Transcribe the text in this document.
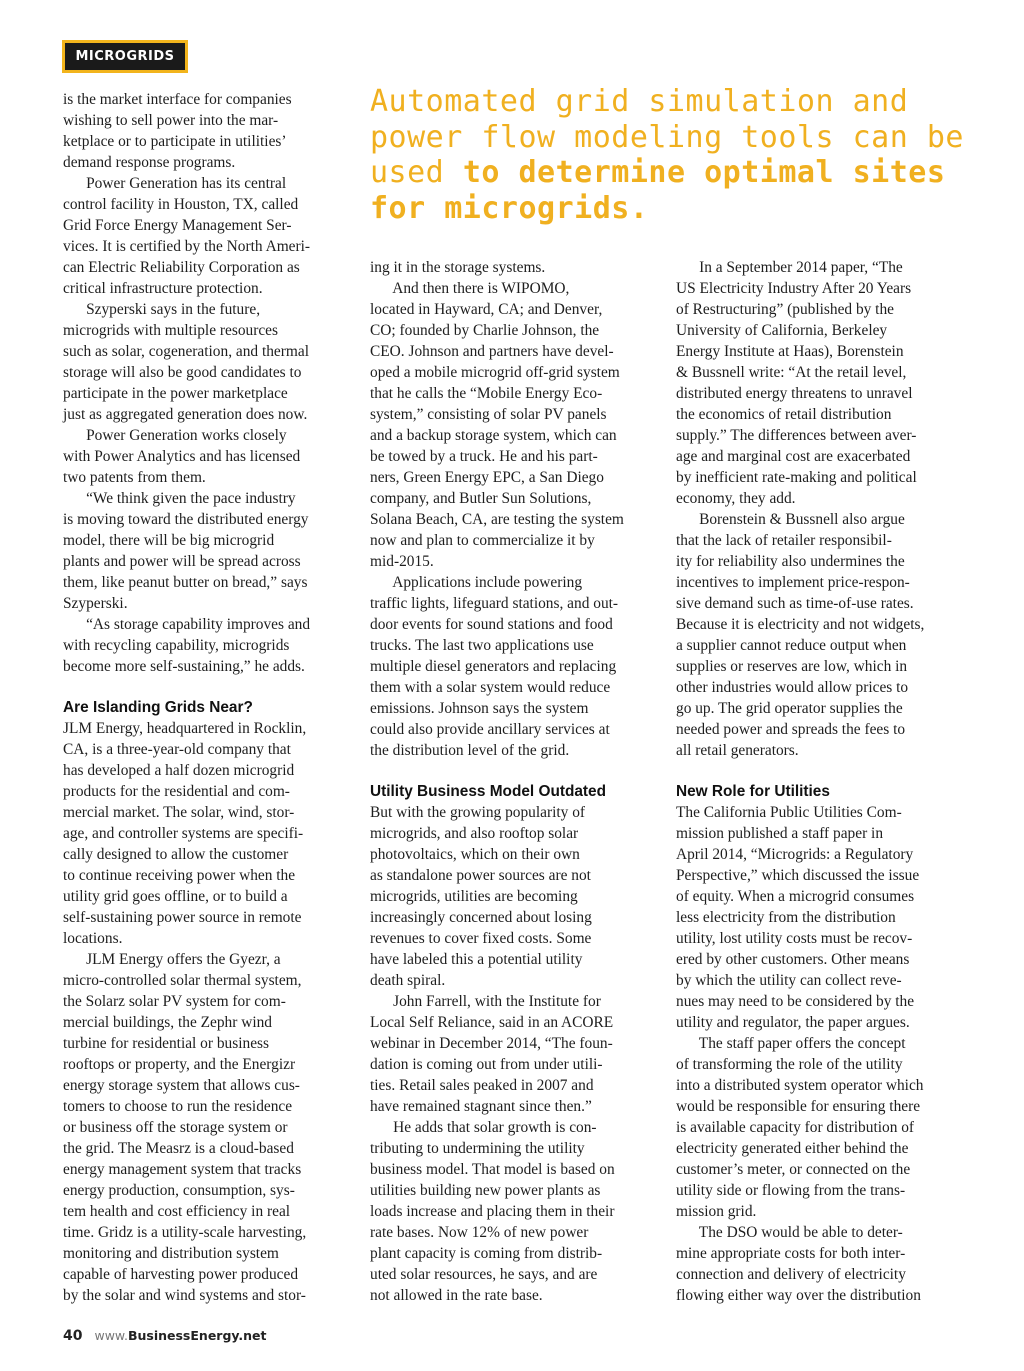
MICROGRIDS
Automated grid simulation and power flow modeling tools can be used to determine optimal sites for microgrids.

is the market interface for companies

wishing to sell power into the mar-

ketplace or to participate in utilities’

demand response programs.

Power Generation has its central

control facility in Houston, TX, called

Grid Force Energy Management Ser-

vices. It is certified by the North Ameri-

can Electric Reliability Corporation as

critical infrastructure protection.

Szyperski says in the future,

microgrids with multiple resources

such as solar, cogeneration, and thermal

storage will also be good candidates to

participate in the power marketplace

just as aggregated generation does now.

Power Generation works closely

with Power Analytics and has licensed

two patents from them.

“We think given the pace industry

is moving toward the distributed energy

model, there will be big microgrid

plants and power will be spread across

them, like peanut butter on bread,” says

Szyperski.

“As storage capability improves and

with recycling capability, microgrids

become more self-sustaining,” he adds.

Are Islanding Grids Near?

JLM Energy, headquartered in Rocklin,

CA, is a three-year-old company that

has developed a half dozen microgrid

products for the residential and com-

mercial market. The solar, wind, stor-

age, and controller systems are specifi-

cally designed to allow the customer

to continue receiving power when the

utility grid goes offline, or to build a

self-sustaining power source in remote

locations.

JLM Energy offers the Gyezr, a

micro-controlled solar thermal system,

the Solarz solar PV system for com-

mercial buildings, the Zephr wind

turbine for residential or business

rooftops or property, and the Energizr

energy storage system that allows cus-

tomers to choose to run the residence

or business off the storage system or

the grid. The Measrz is a cloud-based

energy management system that tracks

energy production, consumption, sys-

tem health and cost efficiency in real

time. Gridz is a utility-scale harvesting,

monitoring and distribution system

capable of harvesting power produced

by the solar and wind systems and stor-

ing it in the storage systems.

And then there is WIPOMO,

located in Hayward, CA; and Denver,

CO; founded by Charlie Johnson, the

CEO. Johnson and partners have devel-

oped a mobile microgrid off-grid system

that he calls the “Mobile Energy Eco-

system,” consisting of solar PV panels

and a backup storage system, which can

be towed by a truck. He and his part-

ners, Green Energy EPC, a San Diego

company, and Butler Sun Solutions,

Solana Beach, CA, are testing the system

now and plan to commercialize it by

mid-2015.

Applications include powering

traffic lights, lifeguard stations, and out-

door events for sound stations and food

trucks. The last two applications use

multiple diesel generators and replacing

them with a solar system would reduce

emissions. Johnson says the system

could also provide ancillary services at

the distribution level of the grid.

Utility Business Model Outdated

But with the growing popularity of

microgrids, and also rooftop solar

photovoltaics, which on their own

as standalone power sources are not

microgrids, utilities are becoming

increasingly concerned about losing

revenues to cover fixed costs. Some

have labeled this a potential utility

death spiral.

John Farrell, with the Institute for

Local Self Reliance, said in an ACORE

webinar in December 2014, “The foun-

dation is coming out from under utili-

ties. Retail sales peaked in 2007 and

have remained stagnant since then.”

He adds that solar growth is con-

tributing to undermining the utility

business model. That model is based on

utilities building new power plants as

loads increase and placing them in their

rate bases. Now 12% of new power

plant capacity is coming from distrib-

uted solar resources, he says, and are

not allowed in the rate base.

In a September 2014 paper, “The

US Electricity Industry After 20 Years

of Restructuring” (published by the

University of California, Berkeley

Energy Institute at Haas), Borenstein

& Bussnell write: “At the retail level,

distributed energy threatens to unravel

the economics of retail distribution

supply.” The differences between aver-

age and marginal cost are exacerbated

by inefficient rate-making and political

economy, they add.

Borenstein & Bussnell also argue

that the lack of retailer responsibil-

ity for reliability also undermines the

incentives to implement price-respon-

sive demand such as time-of-use rates.

Because it is electricity and not widgets,

a supplier cannot reduce output when

supplies or reserves are low, which in

other industries would allow prices to

go up. The grid operator supplies the

needed power and spreads the fees to

all retail generators.

New Role for Utilities

The California Public Utilities Com-

mission published a staff paper in

April 2014, “Microgrids: a Regulatory

Perspective,” which discussed the issue

of equity. When a microgrid consumes

less electricity from the distribution

utility, lost utility costs must be recov-

ered by other customers. Other means

by which the utility can collect reve-

nues may need to be considered by the

utility and regulator, the paper argues.

The staff paper offers the concept

of transforming the role of the utility

into a distributed system operator which

would be responsible for ensuring there

is available capacity for distribution of

electricity generated either behind the

customer’s meter, or connected on the

utility side or flowing from the trans-

mission grid.

The DSO would be able to deter-

mine appropriate costs for both inter-

connection and delivery of electricity

flowing either way over the distribution

40 www.BusinessEnergy.net
